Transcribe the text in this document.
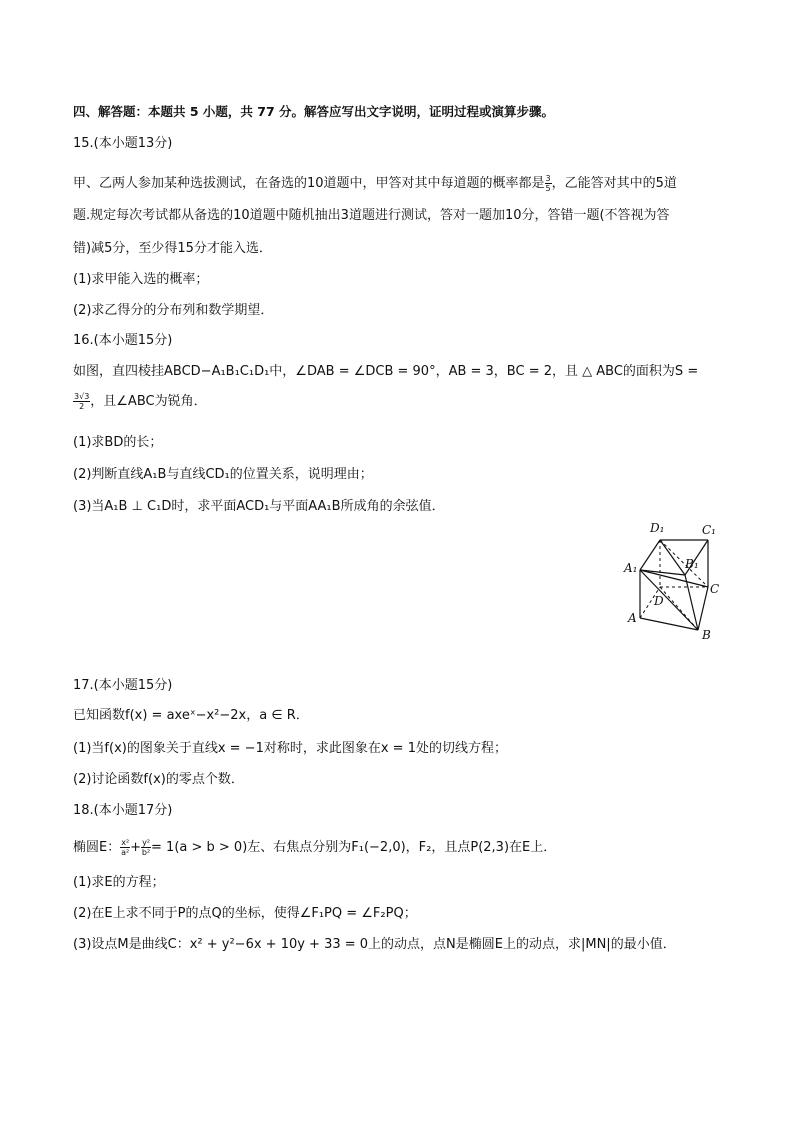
四、解答题：本题共 5 小题，共 77 分。解答应写出文字说明，证明过程或演算步骤。
15.(本小题13分)
甲、乙两人参加某种选拔测试，在备选的10道题中，甲答对其中每道题的概率都是 $\frac{3}{5}$ ，乙能答对其中的5道
题.规定每次考试都从备选的10道题中随机抽出3道题进行测试，答对一题加10分，答错一题(不答视为答
错)减5分，至少得15分才能入选．
(1)求甲能入选的概率；
(2)求乙得分的分布列和数学期望．
16.(本小题15分)
如图，直四棱挂ABCD−A₁B₁C₁D₁中，∠DAB = ∠DCB = 90°，AB = 3，BC = 2，且 △ ABC的面积为S =
$\frac{3√3}{2}$ ，且∠ABC为锐角．
(1)求BD的长；
(2)判断直线A₁B与直线CD₁的位置关系，说明理由；
(3)当A₁B ⊥ C₁D时，求平面ACD₁与平面AA₁B所成角的余弦值．
D₁	C₁
A₁	B₁
C
D
A
B
17.(本小题15分)
已知函数f(x) = axeˣ−x²−2x，a ∈ R．
(1)当f(x)的图象关于直线x = −1对称时，求此图象在x = 1处的切线方程；
(2)讨论函数f(x)的零点个数．
18.(本小题17分)
椭圆E： $\frac{\text{x²}}{\text{a²}} + \frac{\text{y²}}{\text{b²}} = 1(a > b > 0)$左、右焦点分别为F₁(−2,0)，F₂，且点P(2,3)在E上．
(1)求E的方程；
(2)在E上求不同于P的点Q的坐标，使得∠F₁PQ = ∠F₂PQ；
(3)设点M是曲线C：x² + y²−6x + 10y + 33 = 0上的动点，点N是椭圆E上的动点，求|MN|的最小值．
